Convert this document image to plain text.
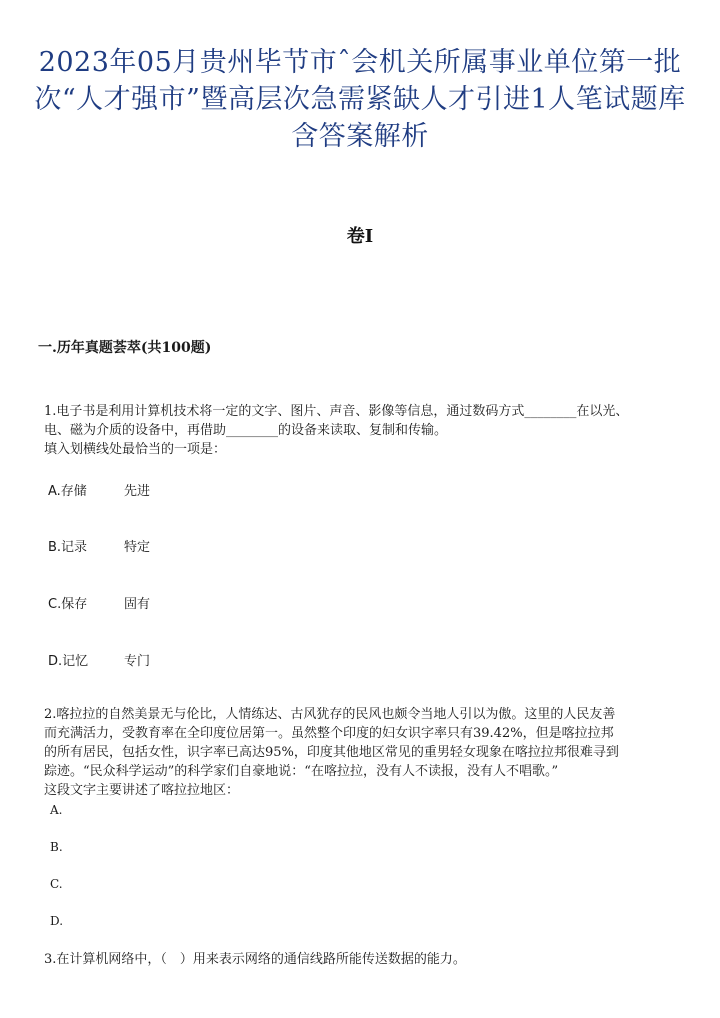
2023年05月贵州毕节市ˆ会机关所属事业单位第一批次“人才强市”暨高层次急需紧缺人才引进1人笔试题库含答案解析
卷I
一.历年真题荟萃(共100题)

1.电子书是利用计算机技术将一定的文字、图片、声音、影像等信息，通过数码方式________在以光、

电、磁为介质的设备中，再借助________的设备来读取、复制和传输。

填入划横线处最恰当的一项是：

A.存储	先进
B.记录	特定
C.保存	固有
D.记忆	专门

2.喀拉拉的自然美景无与伦比，人情练达、古风犹存的民风也颇令当地人引以为傲。这里的人民友善

而充满活力，受教育率在全印度位居第一。虽然整个印度的妇女识字率只有39.42%，但是喀拉拉邦

的所有居民，包括女性，识字率已高达95%，印度其他地区常见的重男轻女现象在喀拉拉邦很难寻到

踪迹。“民众科学运动”的科学家们自豪地说：“在喀拉拉，没有人不读报，没有人不唱歌。”

这段文字主要讲述了喀拉拉地区：

A.
B.
C.
D.

3.在计算机网络中，（　）用来表示网络的通信线路所能传送数据的能力。
